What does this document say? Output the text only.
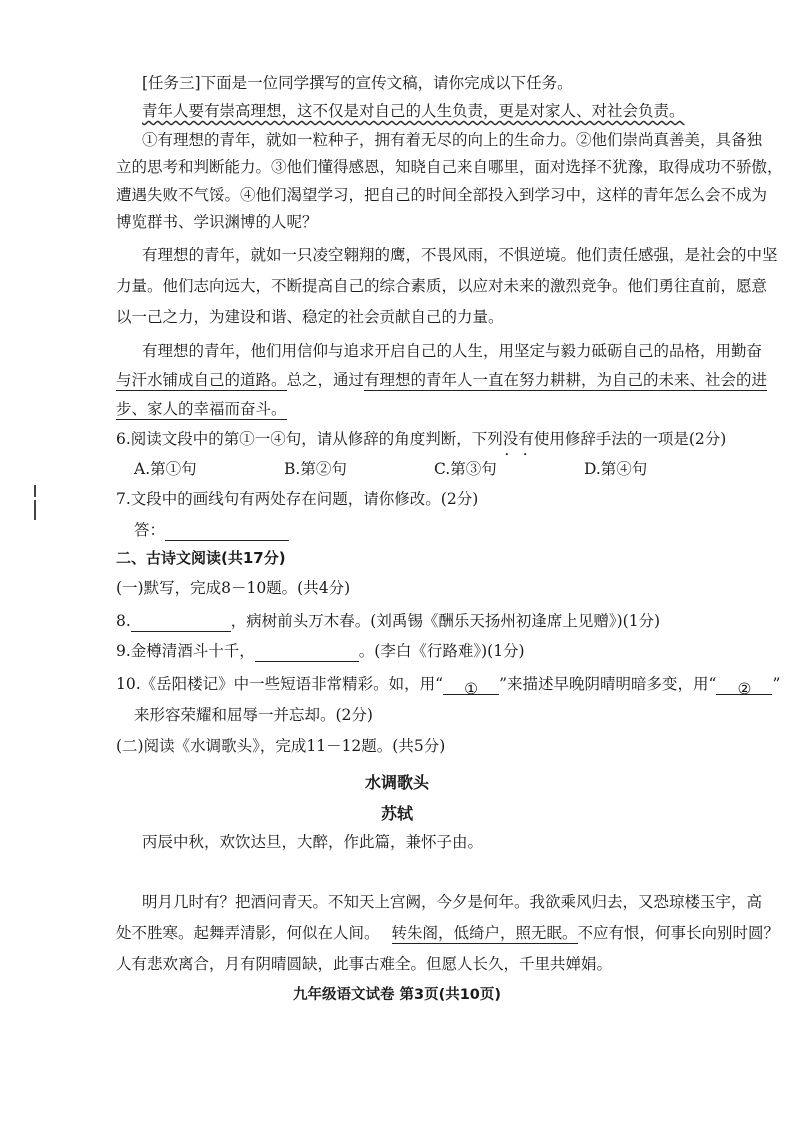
[任务三]下面是一位同学撰写的宣传文稿，请你完成以下任务。
青年人要有崇高理想，这不仅是对自己的人生负责，更是对家人、对社会负责。
①有理想的青年，就如一粒种子，拥有着无尽的向上的生命力。②他们崇尚真善美，具备独
立的思考和判断能力。③他们懂得感恩，知晓自己来自哪里，面对选择不犹豫，取得成功不骄傲，
遭遇失败不气馁。④他们渴望学习，把自己的时间全部投入到学习中，这样的青年怎么会不成为
博览群书、学识渊博的人呢？
有理想的青年，就如一只凌空翱翔的鹰，不畏风雨，不惧逆境。他们责任感强，是社会的中坚
力量。他们志向远大，不断提高自己的综合素质，以应对未来的激烈竞争。他们勇往直前，愿意
以一己之力，为建设和谐、稳定的社会贡献自己的力量。
有理想的青年，他们用信仰与追求开启自己的人生，用坚定与毅力砥砺自己的品格，用勤奋
与汗水铺成自己的道路。总之，通过有理想的青年人一直在努力耕耕，为自己的未来、社会的进
步、家人的幸福而奋斗。
6.阅读文段中的第①一④句，请从修辞的角度判断，下列没有 • •使用修辞手法的一项是(2分)
A.第①句	B.第②句	C.第③句	D.第④句
7.文段中的画线句有两处存在问题，请你修改。(2分)
答：
二、古诗文阅读(共17分)
(一)默写，完成8－10题。(共4分)
8.	，病树前头万木春。(刘禹锡《酬乐天扬州初逢席上见赠》)(1分)
9.金樽清酒斗十千，	。(李白《行路难》)(1分)
10.《岳阳楼记》中一些短语非常精彩。如，用“ ① ”来描述早晚阴晴明暗多变，用“ ② ”
来形容荣耀和屈辱一并忘却。(2分)
(二)阅读《水调歌头》，完成11－12题。(共5分)
水调歌头
苏轼
丙辰中秋，欢饮达旦，大醉，作此篇，兼怀子由。
明月几时有？把酒问青天。不知天上宫阙，今夕是何年。我欲乘风归去，又恐琼楼玉宇，高
处不胜寒。起舞弄清影，何似在人间。 转朱阁，低绮户，照无眠。不应有恨，何事长向别时圆？
人有悲欢离合，月有阴晴圆缺，此事古难全。但愿人长久，千里共婵娟。
九年级语文试卷 第3页(共10页)
